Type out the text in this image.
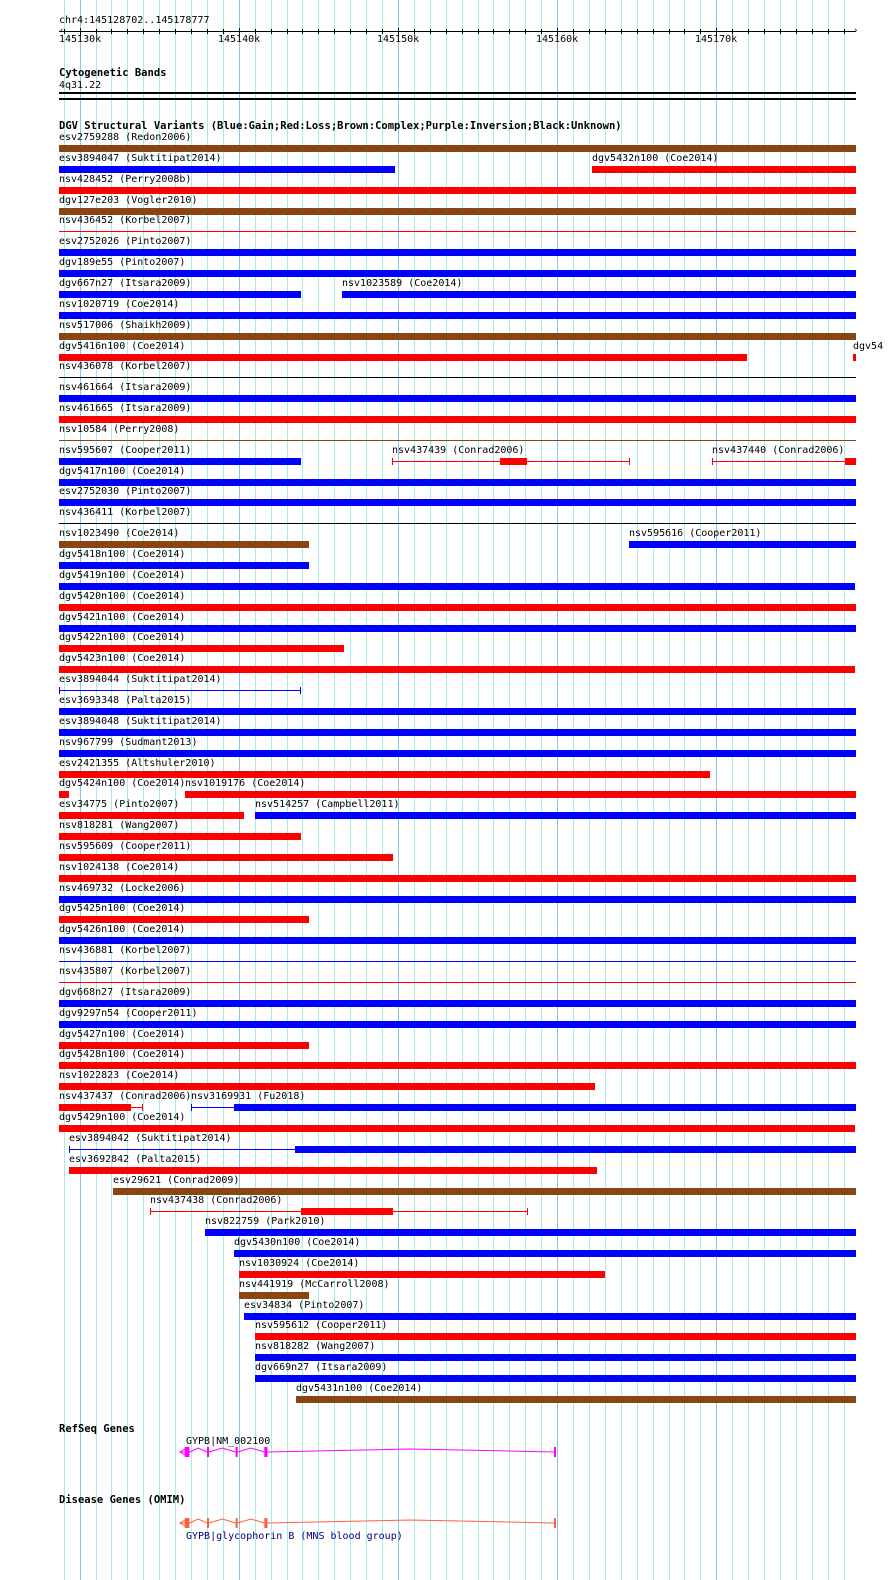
chr4:145128702..145178777
‹	›
145130k	145140k	145150k	145160k	145170k
Cytogenetic Bands
4q31.22
DGV Structural Variants (Blue:Gain;Red:Loss;Brown:Complex;Purple:Inversion;Black:Unknown)
esv2759288 (Redon2006)
esv3894047 (Suktitipat2014)	dgv5432n100 (Coe2014)
nsv428452 (Perry2008b)
dgv127e203 (Vogler2010)
nsv436452 (Korbel2007)
esv2752026 (Pinto2007)
dgv189e55 (Pinto2007)
dgv667n27 (Itsara2009)	nsv1023589 (Coe2014)
nsv1020719 (Coe2014)
nsv517006 (Shaikh2009)
dgv5416n100 (Coe2014)	dgv54
nsv436078 (Korbel2007)
nsv461664 (Itsara2009)
nsv461665 (Itsara2009)
nsv10584 (Perry2008)
nsv595607 (Cooper2011)	nsv437439 (Conrad2006)	nsv437440 (Conrad2006)
dgv5417n100 (Coe2014)
esv2752030 (Pinto2007)
nsv436411 (Korbel2007)
nsv1023490 (Coe2014)	nsv595616 (Cooper2011)
dgv5418n100 (Coe2014)
dgv5419n100 (Coe2014)
dgv5420n100 (Coe2014)
dgv5421n100 (Coe2014)
dgv5422n100 (Coe2014)
dgv5423n100 (Coe2014)
esv3894044 (Suktitipat2014)
esv3693348 (Palta2015)
esv3894048 (Suktitipat2014)
nsv967799 (Sudmant2013)
esv2421355 (Altshuler2010)
dgv5424n100 (Coe2014) nsv1019176 (Coe2014)
esv34775 (Pinto2007)	nsv514257 (Campbell2011)
nsv818281 (Wang2007)
nsv595609 (Cooper2011)
nsv1024138 (Coe2014)
nsv469732 (Locke2006)
dgv5425n100 (Coe2014)
dgv5426n100 (Coe2014)
nsv436881 (Korbel2007)
nsv435807 (Korbel2007)
dgv668n27 (Itsara2009)
dgv9297n54 (Cooper2011)
dgv5427n100 (Coe2014)
dgv5428n100 (Coe2014)
nsv1022823 (Coe2014)
nsv437437 (Conrad2006) nsv3169931 (Fu2018)
dgv5429n100 (Coe2014)
esv3894042 (Suktitipat2014)
esv3692842 (Palta2015)
esv29621 (Conrad2009)
nsv437438 (Conrad2006)
nsv822759 (Park2010)
dgv5430n100 (Coe2014)
nsv1030924 (Coe2014)
nsv441919 (McCarroll2008)
esv34834 (Pinto2007)
nsv595612 (Cooper2011)
nsv818282 (Wang2007)
dgv669n27 (Itsara2009)
dgv5431n100 (Coe2014)
RefSeq Genes
GYPB|NM_002100
Disease Genes (OMIM)
GYPB|glycophorin B (MNS blood group)
